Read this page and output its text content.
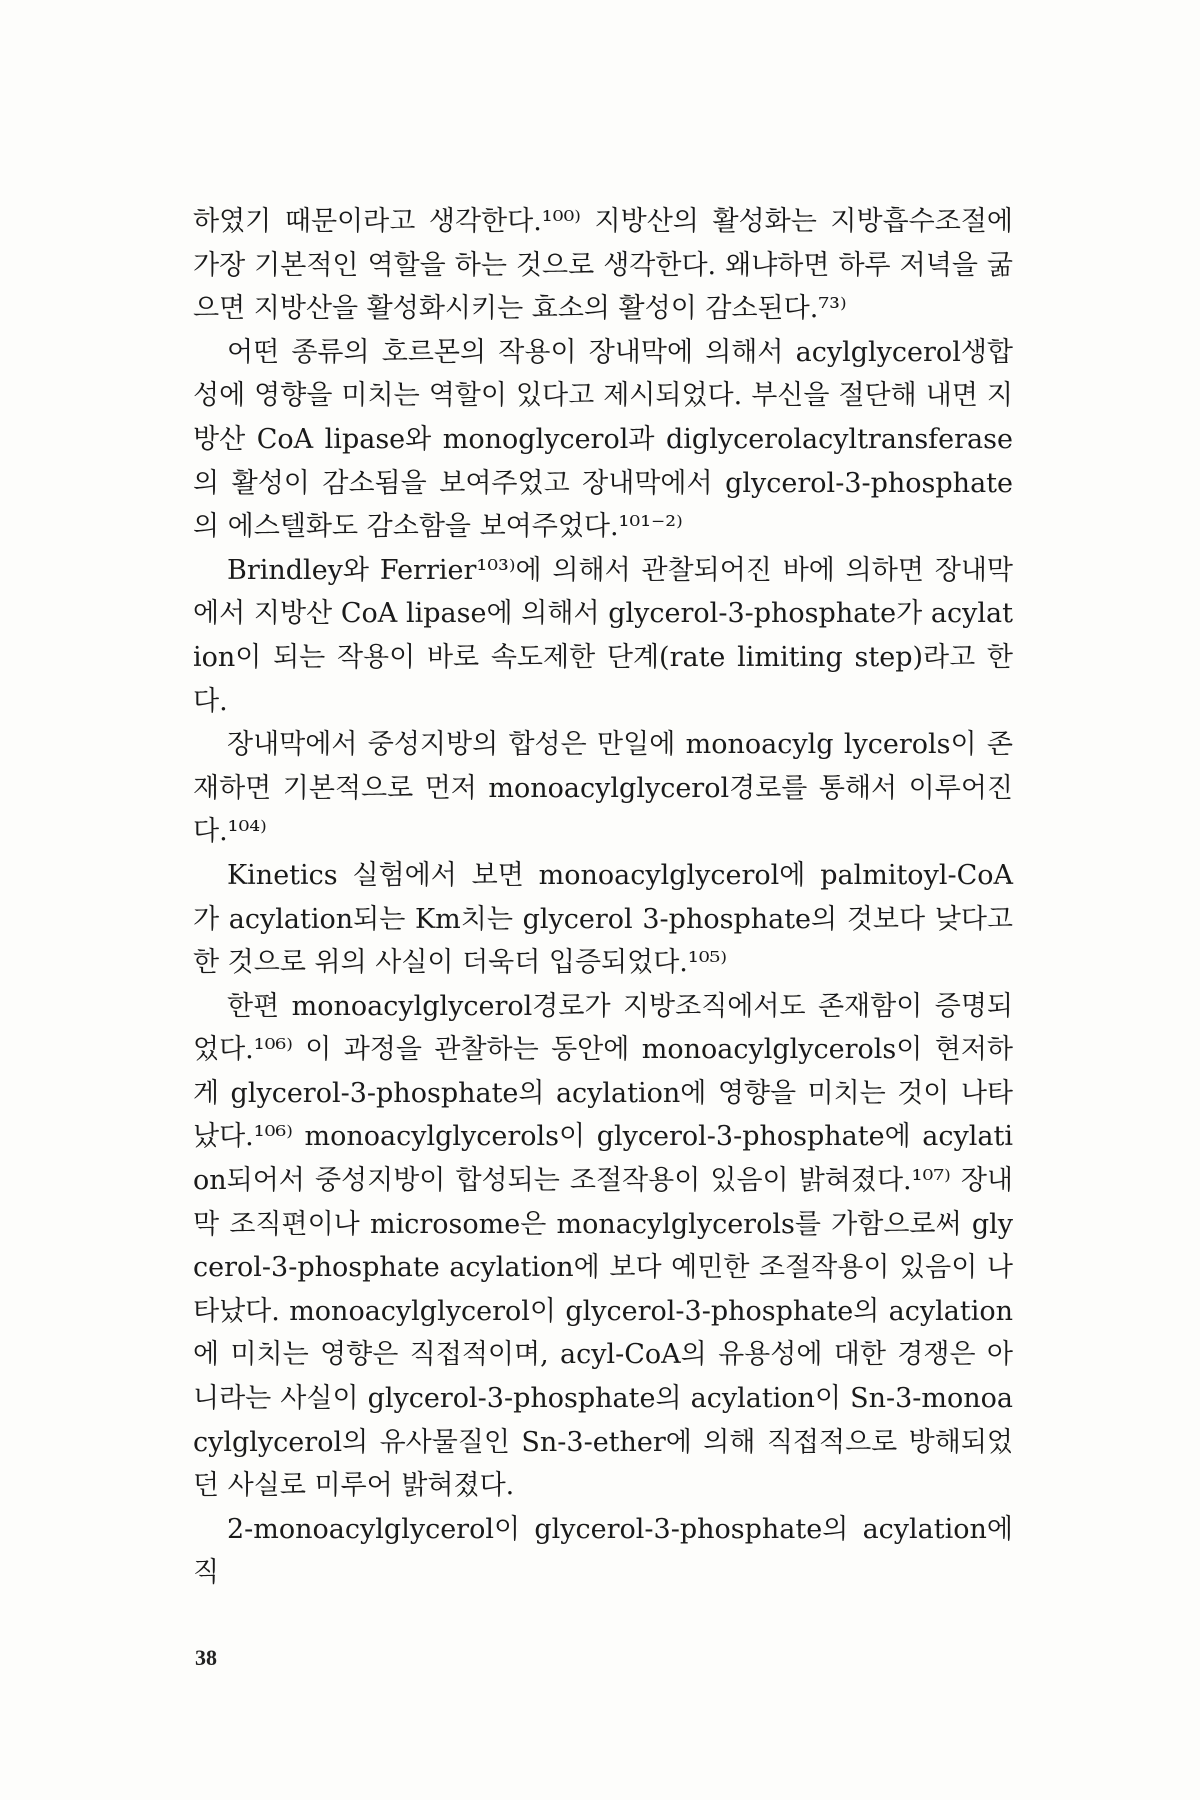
하였기 때문이라고 생각한다.¹⁰⁰⁾ 지방산의 활성화는 지방흡수조절에 가장 기본적인 역할을 하는 것으로 생각한다. 왜냐하면 하루 저녁을 굶으면 지방산을 활성화시키는 효소의 활성이 감소된다.⁷³⁾

어떤 종류의 호르몬의 작용이 장내막에 의해서 acylglycerol생합성에 영향을 미치는 역할이 있다고 제시되었다. 부신을 절단해 내면 지방산 CoA lipase와 monoglycerol과 diglycerolacyltransferase의 활성이 감소됨을 보여주었고 장내막에서 glycerol-3-phosphate의 에스텔화도 감소함을 보여주었다.¹⁰¹⁻²⁾

Brindley와 Ferrier¹⁰³⁾에 의해서 관찰되어진 바에 의하면 장내막에서 지방산 CoA lipase에 의해서 glycerol-3-phosphate가 acylation이 되는 작용이 바로 속도제한 단계(rate limiting step)라고 한다.

장내막에서 중성지방의 합성은 만일에 monoacylg lycerols이 존재하면 기본적으로 먼저 monoacylglycerol경로를 통해서 이루어진다.¹⁰⁴⁾

Kinetics 실험에서 보면 monoacylglycerol에 palmitoyl-CoA가 acylation되는 Km치는 glycerol 3-phosphate의 것보다 낮다고 한 것으로 위의 사실이 더욱더 입증되었다.¹⁰⁵⁾

한편 monoacylglycerol경로가 지방조직에서도 존재함이 증명되었다.¹⁰⁶⁾ 이 과정을 관찰하는 동안에 monoacylglycerols이 현저하게 glycerol-3-phosphate의 acylation에 영향을 미치는 것이 나타났다.¹⁰⁶⁾ monoacylglycerols이 glycerol-3-phosphate에 acylation되어서 중성지방이 합성되는 조절작용이 있음이 밝혀졌다.¹⁰⁷⁾ 장내막 조직편이나 microsome은 monacylglycerols를 가함으로써 glycerol-3-phosphate acylation에 보다 예민한 조절작용이 있음이 나타났다. monoacylglycerol이 glycerol-3-phosphate의 acylation에 미치는 영향은 직접적이며, acyl-CoA의 유용성에 대한 경쟁은 아니라는 사실이 glycerol-3-phosphate의 acylation이 Sn-3-monoacylglycerol의 유사물질인 Sn-3-ether에 의해 직접적으로 방해되었던 사실로 미루어 밝혀졌다.

2-monoacylglycerol이 glycerol-3-phosphate의 acylation에 직

38
